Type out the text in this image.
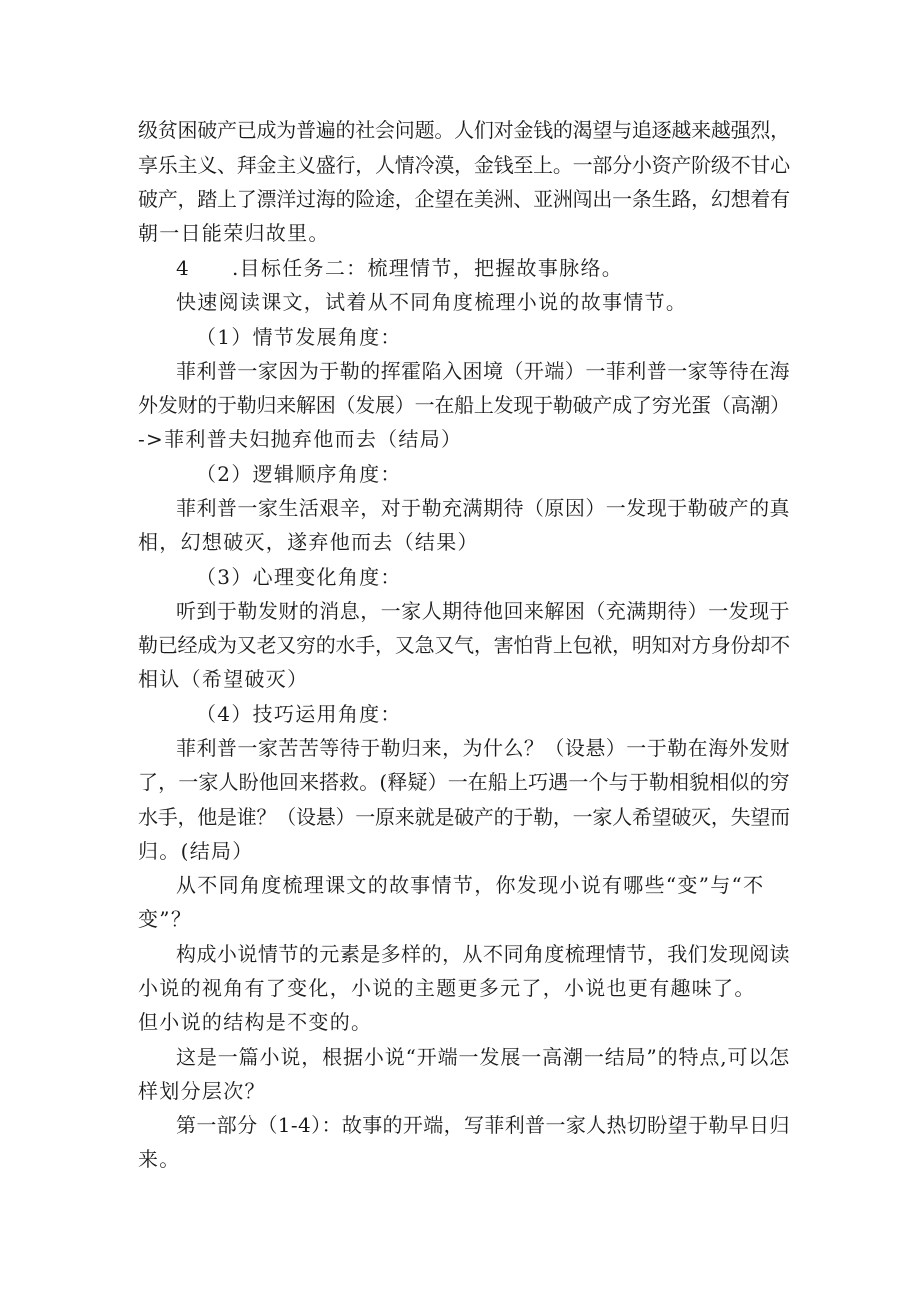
级贫困破产已成为普遍的社会问题。人们对金钱的渴望与追逐越来越强烈，
享乐主义、拜金主义盛行，人情冷漠，金钱至上。一部分小资产阶级不甘心
破产，踏上了漂洋过海的险途，企望在美洲、亚洲闯出一条生路，幻想着有
朝一日能荣归故里。
4 .目标任务二：梳理情节，把握故事脉络。
快速阅读课文，试着从不同角度梳理小说的故事情节。
（1）情节发展角度：
菲利普一家因为于勒的挥霍陷入困境（开端）一菲利普一家等待在海
外发财的于勒归来解困（发展）一在船上发现于勒破产成了穷光蛋（高潮）
->菲利普夫妇抛弃他而去（结局）
（2）逻辑顺序角度：
菲利普一家生活艰辛，对于勒充满期待（原因）一发现于勒破产的真
相，幻想破灭，遂弃他而去（结果）
（3）心理变化角度：
听到于勒发财的消息，一家人期待他回来解困（充满期待）一发现于
勒已经成为又老又穷的水手，又急又气，害怕背上包袱，明知对方身份却不
相认（希望破灭）
（4）技巧运用角度：
菲利普一家苦苦等待于勒归来，为什么？（设悬）一于勒在海外发财
了，一家人盼他回来搭救。(释疑）一在船上巧遇一个与于勒相貌相似的穷
水手，他是谁？（设悬）一原来就是破产的于勒，一家人希望破灭，失望而
归。(结局）
从不同角度梳理课文的故事情节，你发现小说有哪些“变”与“不
变”？
构成小说情节的元素是多样的，从不同角度梳理情节，我们发现阅读
小说的视角有了变化，小说的主题更多元了，小说也更有趣味了。
但小说的结构是不变的。
这是一篇小说，根据小说“开端一发展一高潮一结局”的特点,可以怎
样划分层次？
第一部分（1-4）：故事的开端，写菲利普一家人热切盼望于勒早日归
来。
